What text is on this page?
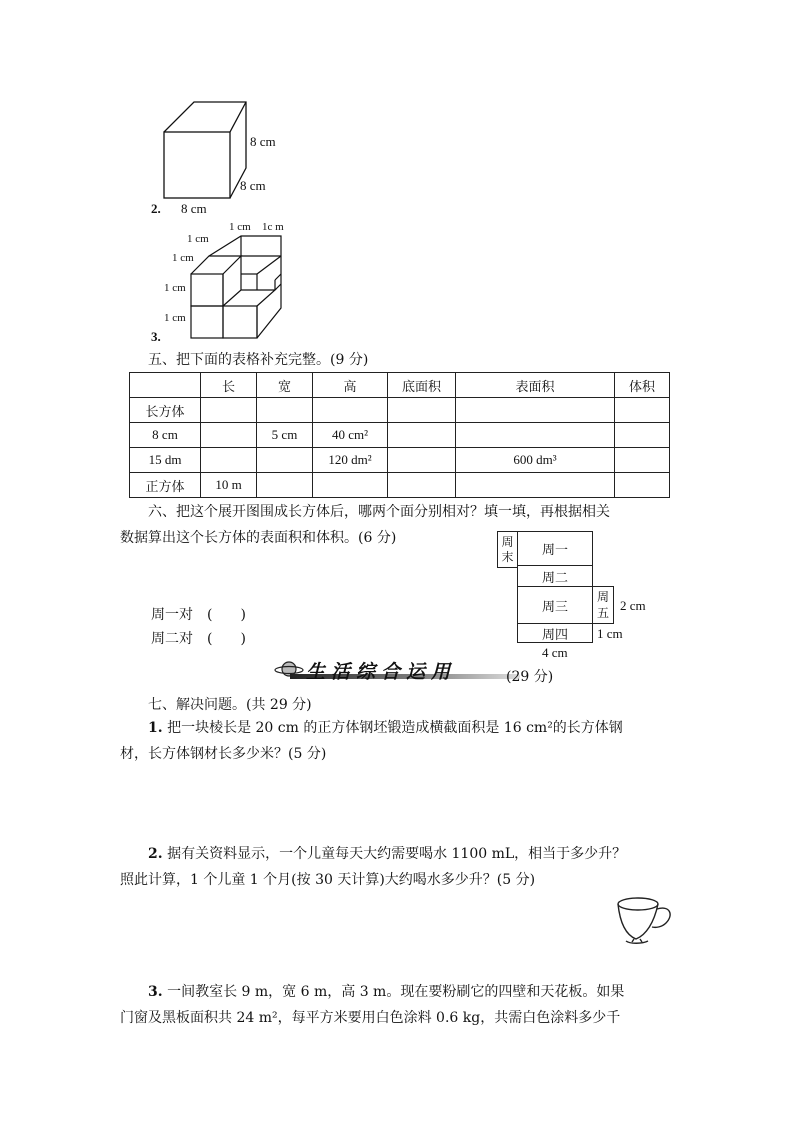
8 cm
8 cm
2. 8 cm
1 cm 1c m
1 cm
1 cm
1 cm
1 cm
3.
五、把下面的表格补充完整。(9 分)
	长	宽	高	底面积	表面积	体积
长方体						
8 cm		5 cm	40 cm²			
15 dm			120 dm²		600 dm³	
正方体	10 m					
六、把这个展开图围成长方体后，哪两个面分别相对？填一填，再根据相关
数据算出这个长方体的表面积和体积。(6 分)
周一对　(　　)
周二对　(　　)
周
末 周一
周二
周三
周
五
周四
2 cm
1 cm
4 cm
生活综合运用	(29 分)
七、解决问题。(共 29 分)
1. 把一块棱长是 20 cm 的正方体钢坯锻造成横截面积是 16 cm²的长方体钢
材，长方体钢材长多少米？(5 分)
2. 据有关资料显示，一个儿童每天大约需要喝水 1100 mL，相当于多少升？
照此计算，1 个儿童 1 个月(按 30 天计算)大约喝水多少升？(5 分)
3. 一间教室长 9 m，宽 6 m，高 3 m。现在要粉刷它的四壁和天花板。如果
门窗及黑板面积共 24 m²，每平方米要用白色涂料 0.6 kg，共需白色涂料多少千
